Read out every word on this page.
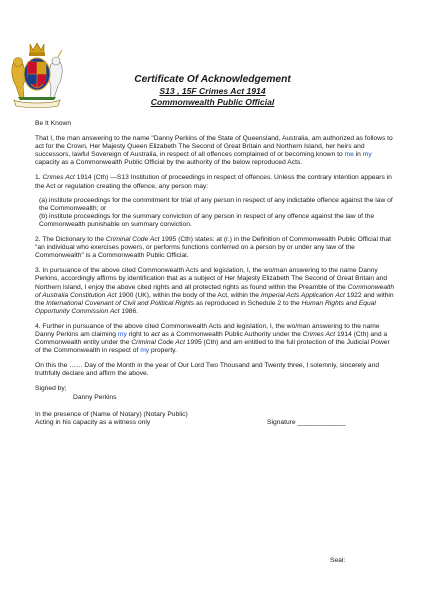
Certificate Of Acknowledgement

S13 , 15F Crimes Act 1914

Commonwealth Public Official

Be It Known

That I, the man answering to the name "Danny Perkins of the State of Queensland, Australia, am authorized as follows to act for the Crown, Her Majesty Queen Elizabeth The Second of Great Britain and Northern Island, her heirs and successors, lawful Sovereign of Australia, in respect of all offences complained of or becoming known to me in my capacity as a Commonwealth Public Official by the authority of the below reproduced Acts.

1. Crimes Act 1914 (Cth) —S13 Institution of proceedings in respect of offences. Unless the contrary intention appears in the Act or regulation creating the offence, any person may:

(a) institute proceedings for the commitment for trial of any person in respect of any indictable offence against the law of the Commonwealth; or

(b) institute proceedings for the summary conviction of any person in respect of any offence against the law of the Commonwealth punishable on summary conviction.

2. The Dictionary to the Criminal Code Act 1995 (Cth) states: at (r.) in the Definition of Commonwealth Public Official that "an individual who exercises powers, or performs functions conferred on a person by or under any law of the Commonwealth" is a Commonwealth Public Official.

3. In pursuance of the above cited Commonwealth Acts and legislation, I, the wo/man answering to the name Danny Perkins, accordingly affirms by identification that as a subject of Her Majesty Elizabeth The Second of Great Britain and Northern Island, I enjoy the above cited rights and all protected rights as found within the Preamble of the Commonwealth of Australia Constitution Act 1900 (UK), within the body of the Act, within the Imperial Acts Application Act 1922 and within the International Covenant of Civil and Political Rights as reproduced in Schedule 2 to the Human Rights and Equal Opportunity Commission Act 1986.

4. Further in pursuance of the above cited Commonwealth Acts and legislation, I, the wo/man answering to the name Danny Perkins am claiming my right to act as a Commonwealth Public Authority under the Crimes Act 1914 (Cth) and a Commonwealth entity under the Criminal Code Act 1995 (Cth) and am entitled to the full protection of the Judicial Power of the Commonwealth in respect of my property.

On this the …… Day of the Month in the year of Our Lord Two Thousand and Twenty three, I solemnly, sincerely and truthfully declare and affirm the above.

Signed by;

Danny Perkins

In the presence of (Name of Notary) (Notary Public)

Acting in his capacity as a witness only	Signature _____________
Seal:
